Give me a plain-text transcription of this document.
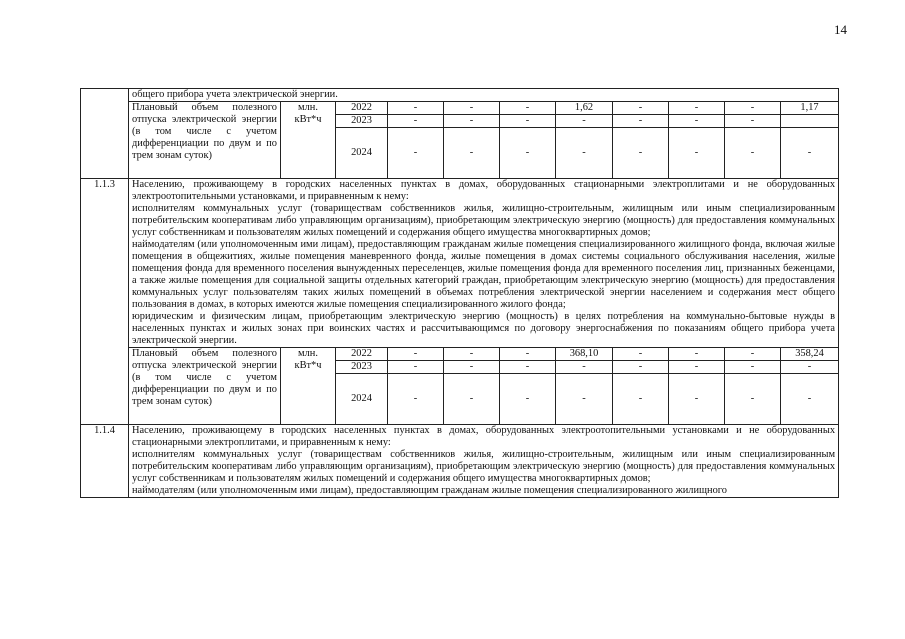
14

	общего прибора учета электрической энергии.										

	Плановый объем полезного отпуска электрической энергии (в том числе с учетом дифференциации по двум и по трем зонам суток)	млн. кВт*ч	2022	-	-	-	1,62	-	-	-	1,17
			2023	-	-	-	-	-	-	-	
			2024	-	-	-	-	-	-	-	-
1.1.3	Населению, проживающему в городских населенных пунктах в домах, оборудованных стационарными электроплитами и не оборудованных электроотопительными установками, и приравненным к нему:

исполнителям коммунальных услуг (товариществам собственников жилья, жилищно-строительным, жилищным или иным специализированным потребительским кооперативам либо управляющим организациям), приобретающим электрическую энергию (мощность) для предоставления коммунальных услуг собственникам и пользователям жилых помещений и содержания общего имущества многоквартирных домов;

наймодателям (или уполномоченным ими лицам), предоставляющим гражданам жилые помещения специализированного жилищного фонда, включая жилые помещения в общежитиях, жилые помещения маневренного фонда, жилые помещения в домах системы социального обслуживания населения, жилые помещения фонда для временного поселения вынужденных переселенцев, жилые помещения фонда для временного поселения лиц, признанных беженцами, а также жилые помещения для социальной защиты отдельных категорий граждан, приобретающим электрическую энергию (мощность) для предоставления коммунальных услуг пользователям таких жилых помещений в объемах потребления электрической энергии населением и содержания мест общего пользования в домах, в которых имеются жилые помещения специализированного жилого фонда;

юридическим и физическим лицам, приобретающим электрическую энергию (мощность) в целях потребления на коммунально-бытовые нужды в населенных пунктах и жилых зонах при воинских частях и рассчитывающимся по договору энергоснабжения по показаниям общего прибора учета электрической энергии.										

	Плановый объем полезного отпуска электрической энергии (в том числе с учетом дифференциации по двум и по трем зонам суток)	млн. кВт*ч	2022	-	-	-	368,10	-	-	-	358,24
			2023	-	-	-	-	-	-	-	-
			2024	-	-	-	-	-	-	-	-
1.1.4	Населению, проживающему в городских населенных пунктах в домах, оборудованных электроотопительными установками и не оборудованных стационарными электроплитами, и приравненным к нему:

исполнителям коммунальных услуг (товариществам собственников жилья, жилищно-строительным, жилищным или иным специализированным потребительским кооперативам либо управляющим организациям), приобретающим электрическую энергию (мощность) для предоставления коммунальных услуг собственникам и пользователям жилых помещений и содержания общего имущества многоквартирных домов;

наймодателям (или уполномоченным ими лицам), предоставляющим гражданам жилые помещения специализированного жилищного										
